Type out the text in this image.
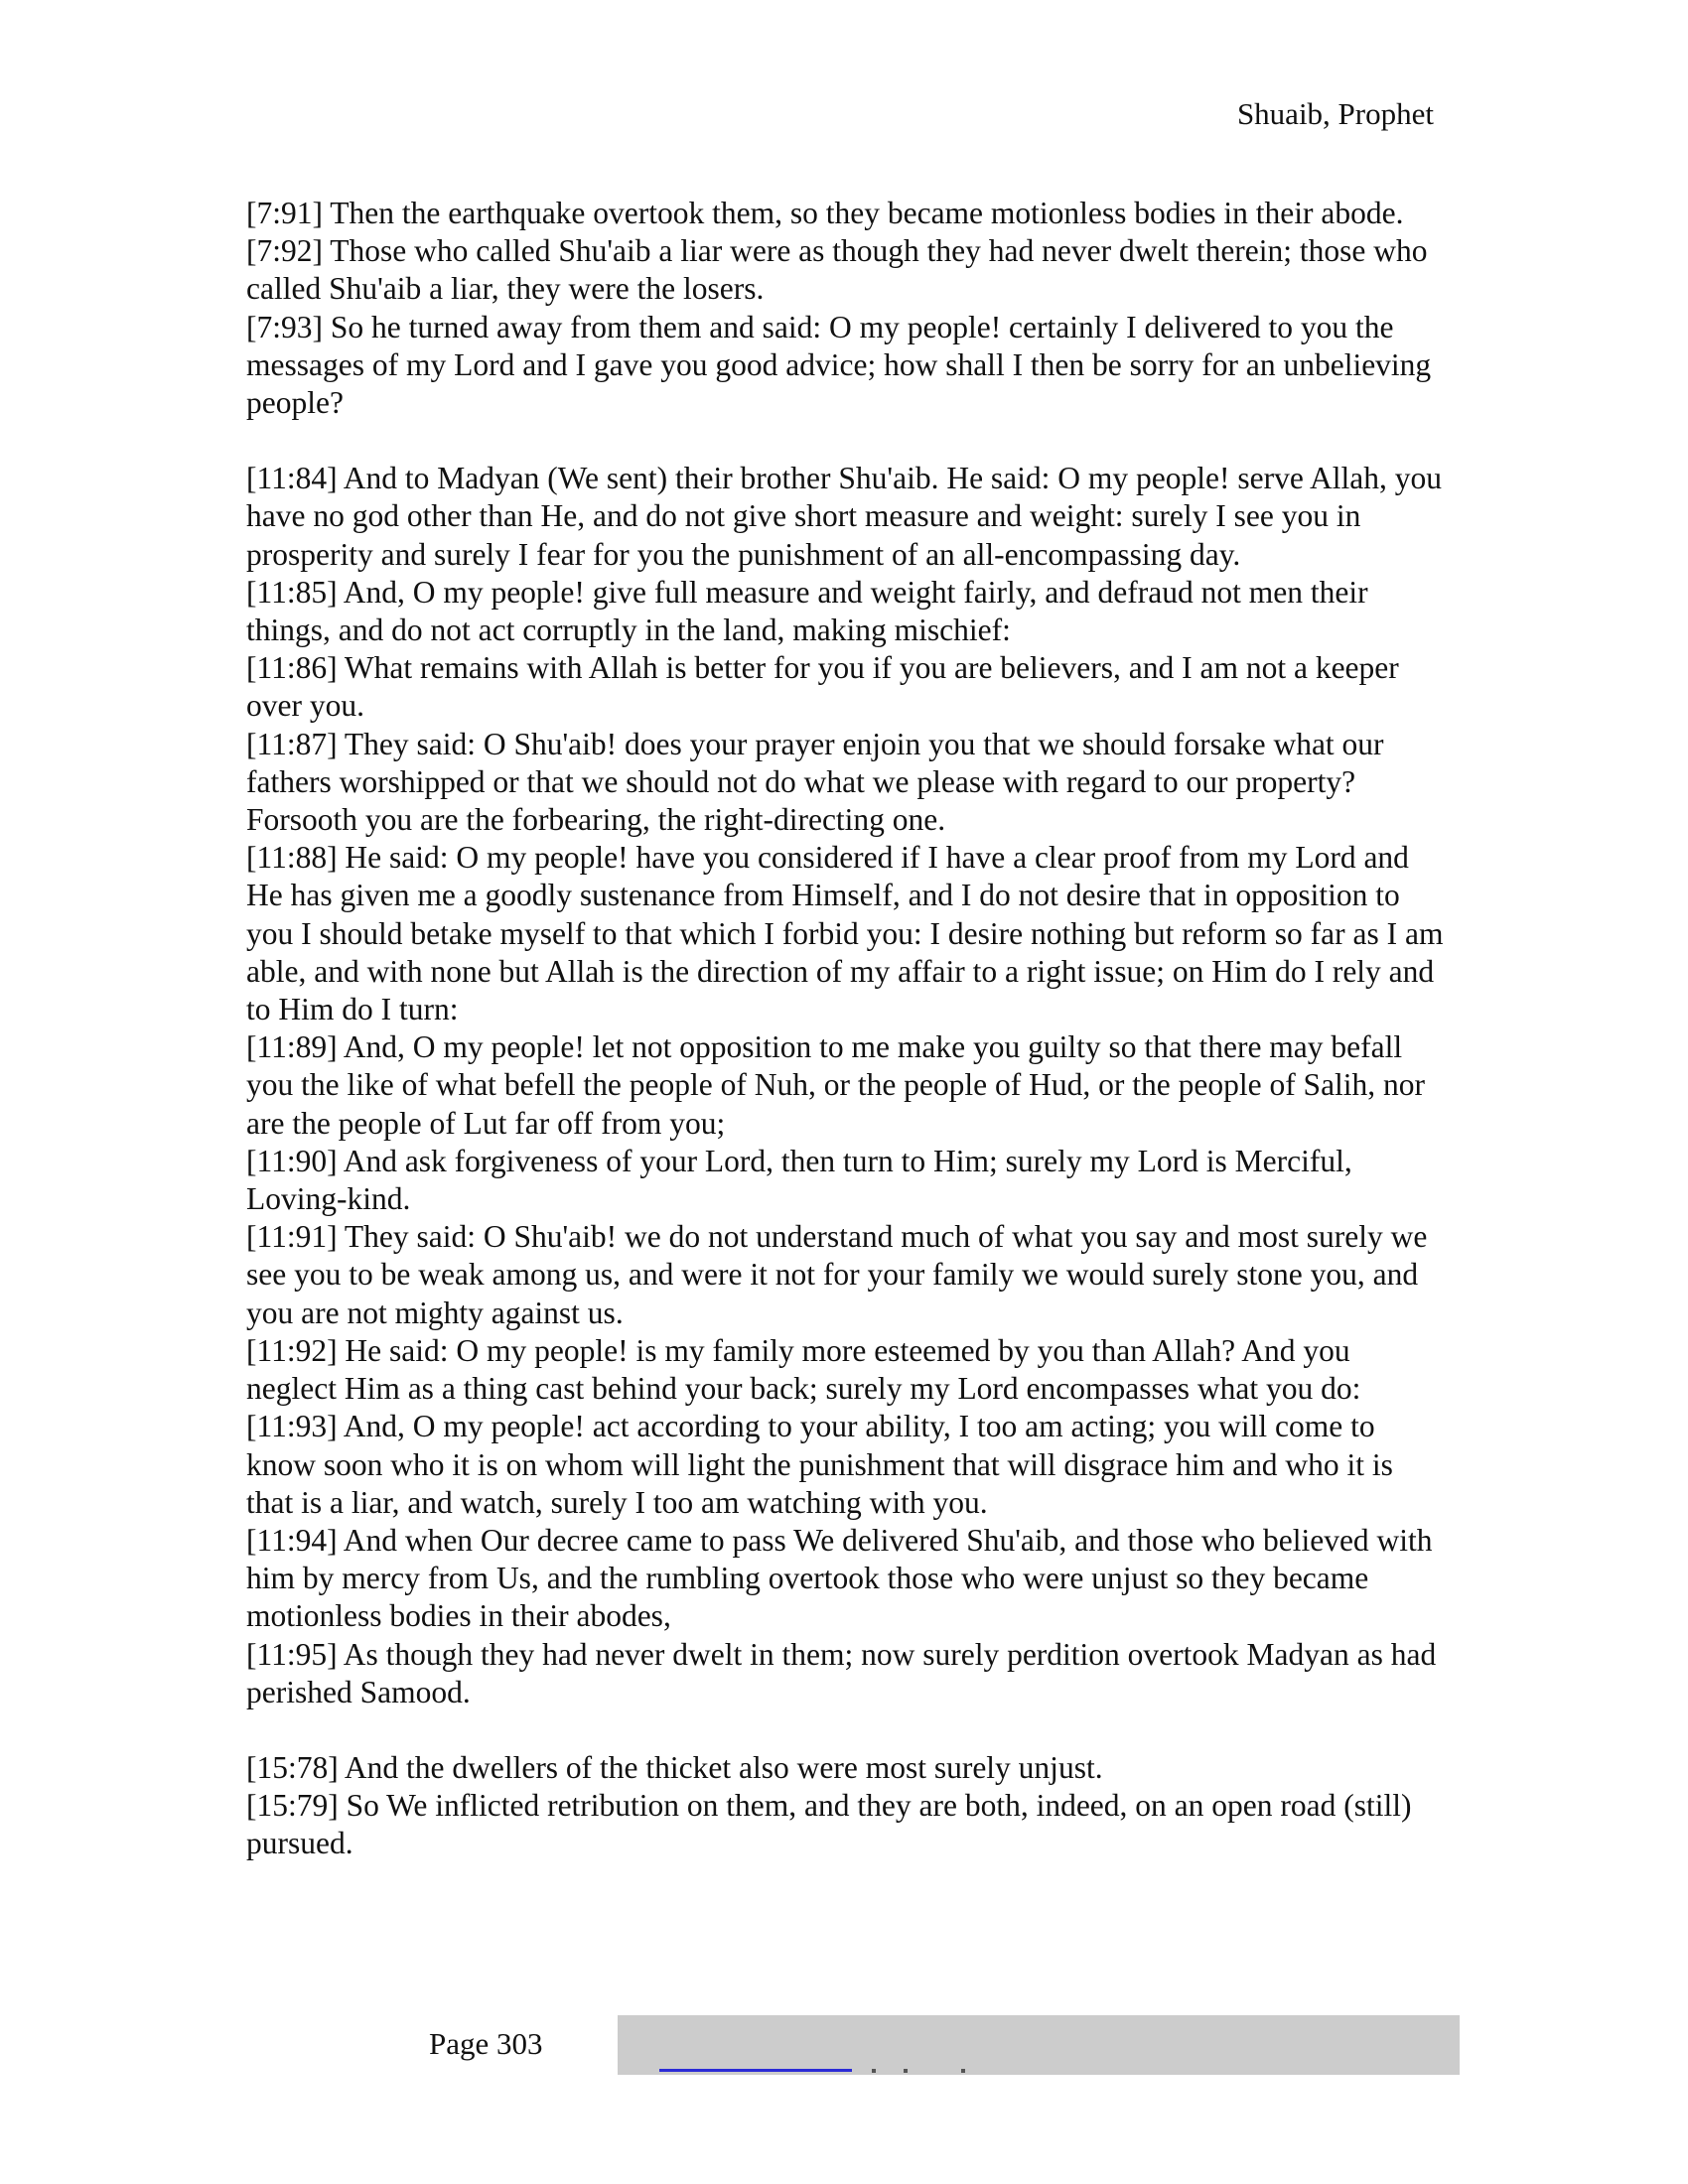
Shuaib, Prophet

[7:91] Then the earthquake overtook them, so they became motionless bodies in their abode.

[7:92] Those who called Shu'aib a liar were as though they had never dwelt therein; those who called Shu'aib a liar, they were the losers.

[7:93] So he turned away from them and said: O my people! certainly I delivered to you the messages of my Lord and I gave you good advice; how shall I then be sorry for an unbelieving people?

[11:84] And to Madyan (We sent) their brother Shu'aib. He said: O my people! serve Allah, you have no god other than He, and do not give short measure and weight: surely I see you in prosperity and surely I fear for you the punishment of an all-encompassing day.

[11:85] And, O my people! give full measure and weight fairly, and defraud not men their things, and do not act corruptly in the land, making mischief:

[11:86] What remains with Allah is better for you if you are believers, and I am not a keeper over you.

[11:87] They said: O Shu'aib! does your prayer enjoin you that we should forsake what our fathers worshipped or that we should not do what we please with regard to our property? Forsooth you are the forbearing, the right-directing one.

[11:88] He said: O my people! have you considered if I have a clear proof from my Lord and He has given me a goodly sustenance from Himself, and I do not desire that in opposition to you I should betake myself to that which I forbid you: I desire nothing but reform so far as I am able, and with none but Allah is the direction of my affair to a right issue; on Him do I rely and to Him do I turn:

[11:89] And, O my people! let not opposition to me make you guilty so that there may befall you the like of what befell the people of Nuh, or the people of Hud, or the people of Salih, nor are the people of Lut far off from you;

[11:90] And ask forgiveness of your Lord, then turn to Him; surely my Lord is Merciful, Loving-kind.

[11:91] They said: O Shu'aib! we do not understand much of what you say and most surely we see you to be weak among us, and were it not for your family we would surely stone you, and you are not mighty against us.

[11:92] He said: O my people! is my family more esteemed by you than Allah? And you neglect Him as a thing cast behind your back; surely my Lord encompasses what you do:

[11:93] And, O my people! act according to your ability, I too am acting; you will come to know soon who it is on whom will light the punishment that will disgrace him and who it is that is a liar, and watch, surely I too am watching with you.

[11:94] And when Our decree came to pass We delivered Shu'aib, and those who believed with him by mercy from Us, and the rumbling overtook those who were unjust so they became motionless bodies in their abodes,

[11:95] As though they had never dwelt in them; now surely perdition overtook Madyan as had perished Samood.

[15:78] And the dwellers of the thicket also were most surely unjust.

[15:79] So We inflicted retribution on them, and they are both, indeed, on an open road (still) pursued.

Page 303
